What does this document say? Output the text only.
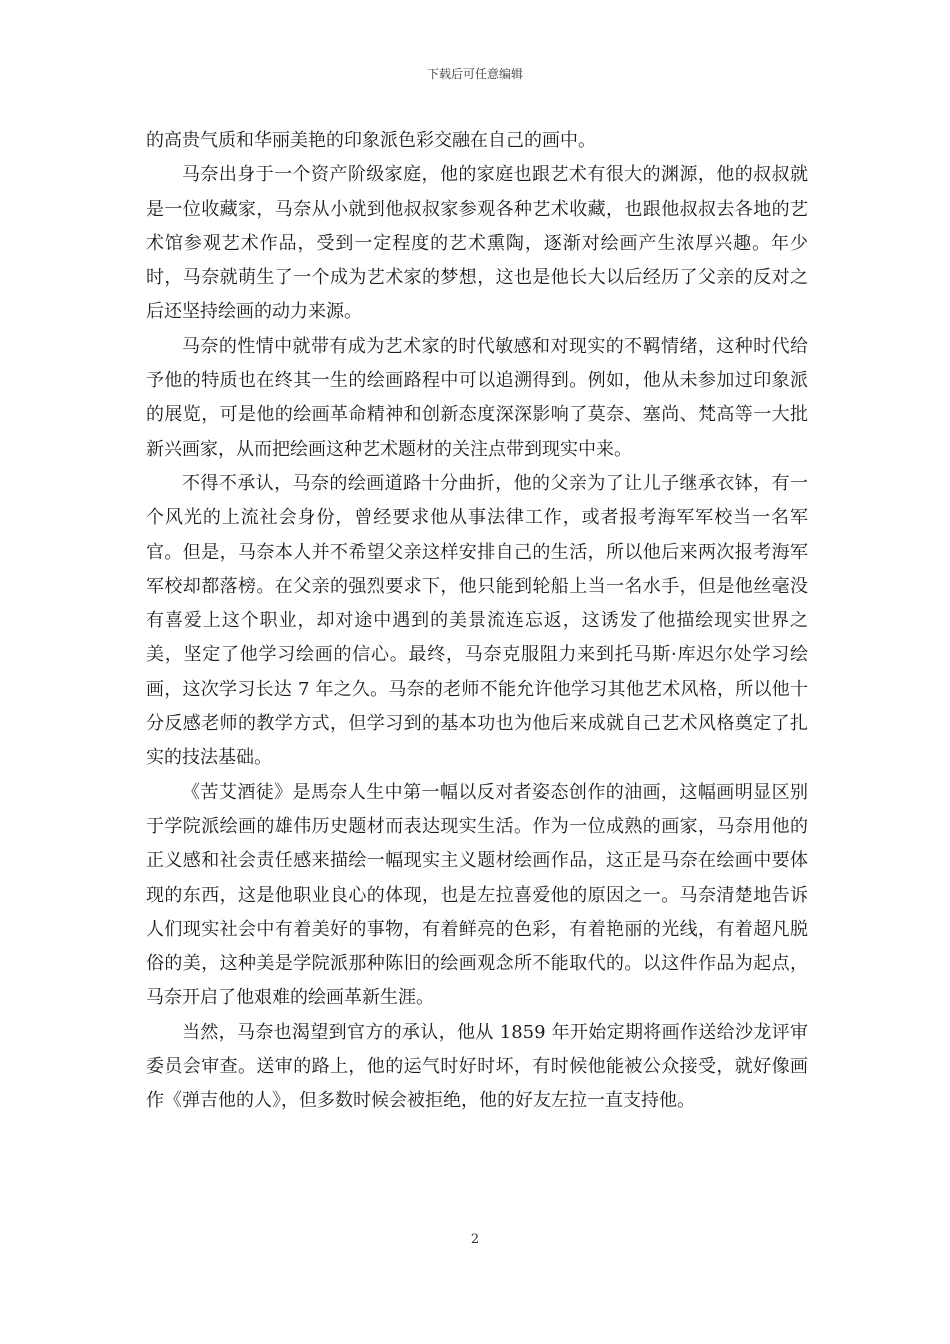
下载后可任意编辑

的高贵气质和华丽美艳的印象派色彩交融在自己的画中。

马奈出身于一个资产阶级家庭，他的家庭也跟艺术有很大的渊源，他的叔叔就是一位收藏家，马奈从小就到他叔叔家参观各种艺术收藏，也跟他叔叔去各地的艺术馆参观艺术作品，受到一定程度的艺术熏陶，逐渐对绘画产生浓厚兴趣。年少时，马奈就萌生了一个成为艺术家的梦想，这也是他长大以后经历了父亲的反对之后还坚持绘画的动力来源。

马奈的性情中就带有成为艺术家的时代敏感和对现实的不羁情绪，这种时代给予他的特质也在终其一生的绘画路程中可以追溯得到。例如，他从未参加过印象派的展览，可是他的绘画革命精神和创新态度深深影响了莫奈、塞尚、梵高等一大批新兴画家，从而把绘画这种艺术题材的关注点带到现实中来。

不得不承认，马奈的绘画道路十分曲折，他的父亲为了让儿子继承衣钵，有一个风光的上流社会身份，曾经要求他从事法律工作，或者报考海军军校当一名军官。但是，马奈本人并不希望父亲这样安排自己的生活，所以他后来两次报考海军军校却都落榜。在父亲的强烈要求下，他只能到轮船上当一名水手，但是他丝毫没有喜爱上这个职业，却对途中遇到的美景流连忘返，这诱发了他描绘现实世界之美，坚定了他学习绘画的信心。最终，马奈克服阻力来到托马斯·库迟尔处学习绘画，这次学习长达 7 年之久。马奈的老师不能允许他学习其他艺术风格，所以他十分反感老师的教学方式，但学习到的基本功也为他后来成就自己艺术风格奠定了扎实的技法基础。

《苦艾酒徒》是馬奈人生中第一幅以反对者姿态创作的油画，这幅画明显区别于学院派绘画的雄伟历史题材而表达现实生活。作为一位成熟的画家，马奈用他的正义感和社会责任感来描绘一幅现实主义题材绘画作品，这正是马奈在绘画中要体现的东西，这是他职业良心的体现，也是左拉喜爱他的原因之一。马奈清楚地告诉人们现实社会中有着美好的事物，有着鲜亮的色彩，有着艳丽的光线，有着超凡脱俗的美，这种美是学院派那种陈旧的绘画观念所不能取代的。以这件作品为起点，马奈开启了他艰难的绘画革新生涯。

当然，马奈也渴望到官方的承认，他从 1859 年开始定期将画作送给沙龙评审委员会审查。送审的路上，他的运气时好时坏，有时候他能被公众接受，就好像画作《弹吉他的人》，但多数时候会被拒绝，他的好友左拉一直支持他。

2
